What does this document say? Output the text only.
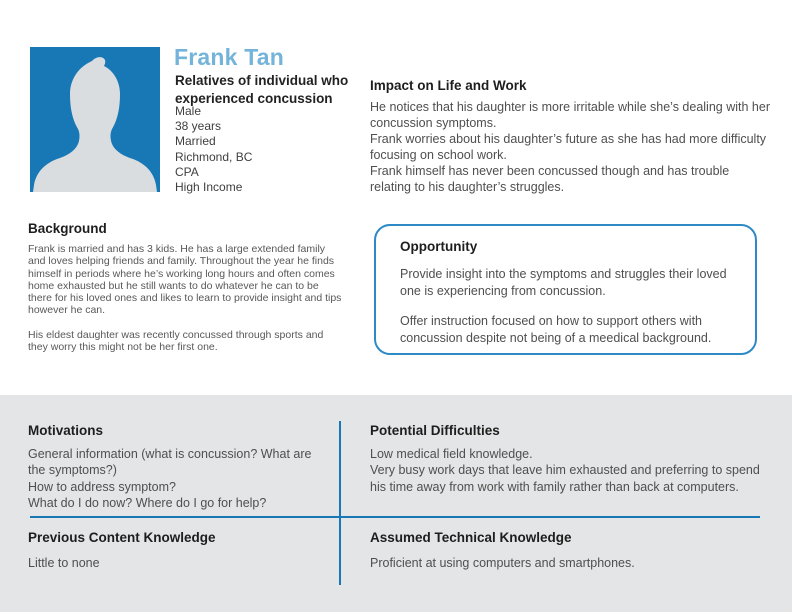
Frank Tan
Relatives of individual who experienced concussion
Male
38 years
Married
Richmond, BC
CPA
High Income
Impact on Life and Work
He notices that his daughter is more irritable while she’s dealing with her concussion symptoms.
Frank worries about his daughter’s future as she has had more difficulty focusing on school work.
Frank himself has never been concussed though and has trouble relating to his daughter’s struggles.
Background
Frank is married and has 3 kids. He has a large extended family and loves helping friends and family. Throughout the year he finds himself in periods where he’s working long hours and often comes home exhausted but he still wants to do whatever he can to be there for his loved ones and likes to learn to provide insight and tips however he can.
His eldest daughter was recently concussed through sports and they worry this might not be her first one.
Opportunity
Provide insight into the symptoms and struggles their loved one is experiencing from concussion.
Offer instruction focused on how to support others with concussion despite not being of a meedical background.
Motivations
General information (what is concussion? What are the symptoms?)
How to address symptom?
What do I do now? Where do I go for help?
Potential Difficulties
Low medical field knowledge.
Very busy work days that leave him exhausted and preferring to spend his time away from work with family rather than back at computers.
Previous Content Knowledge
Little to none
Assumed Technical Knowledge
Proficient at using computers and smartphones.
